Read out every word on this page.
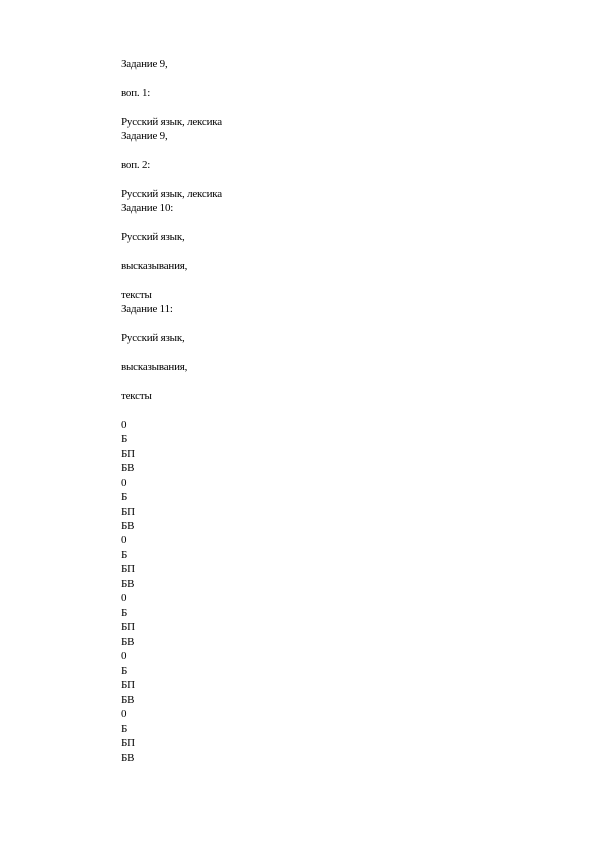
Задание 9,
воп. 1:
Русский язык, лексика
Задание 9,
воп. 2:
Русский язык, лексика
Задание 10:
Русский язык,
высказывания,
тексты
Задание 11:
Русский язык,
высказывания,
тексты
0
Б
БП
БВ
0
Б
БП
БВ
0
Б
БП
БВ
0
Б
БП
БВ
0
Б
БП
БВ
0
Б
БП
БВ
